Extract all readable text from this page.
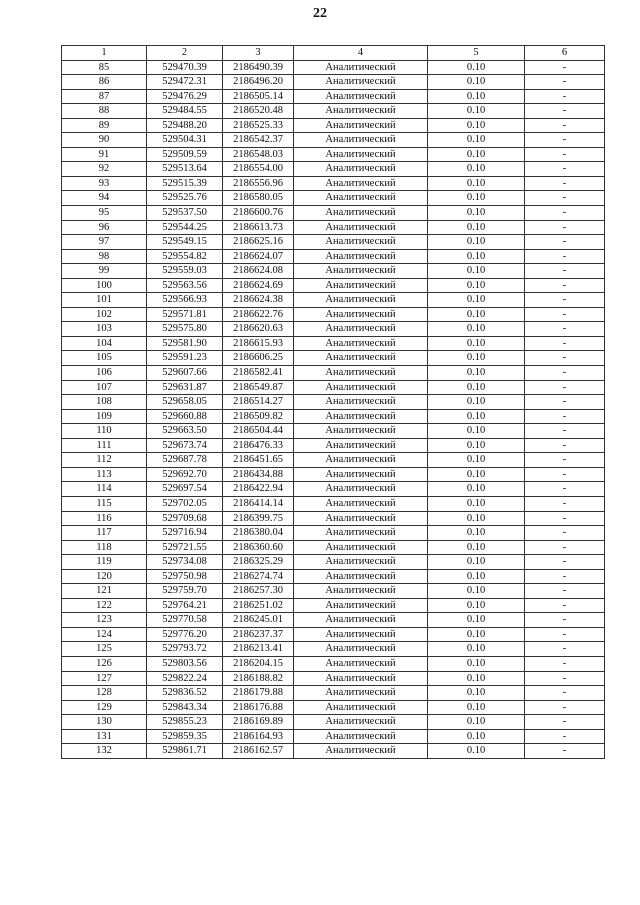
22
1	2	3	4	5	6
85	529470.39	2186490.39	Аналитический	0.10	-
86	529472.31	2186496.20	Аналитический	0.10	-
87	529476.29	2186505.14	Аналитический	0.10	-
88	529484.55	2186520.48	Аналитический	0.10	-
89	529488.20	2186525.33	Аналитический	0.10	-
90	529504.31	2186542.37	Аналитический	0.10	-
91	529509.59	2186548.03	Аналитический	0.10	-
92	529513.64	2186554.00	Аналитический	0.10	-
93	529515.39	2186556.96	Аналитический	0.10	-
94	529525.76	2186580.05	Аналитический	0.10	-
95	529537.50	2186600.76	Аналитический	0.10	-
96	529544.25	2186613.73	Аналитический	0.10	-
97	529549.15	2186625.16	Аналитический	0.10	-
98	529554.82	2186624.07	Аналитический	0.10	-
99	529559.03	2186624.08	Аналитический	0.10	-
100	529563.56	2186624.69	Аналитический	0.10	-
101	529566.93	2186624.38	Аналитический	0.10	-
102	529571.81	2186622.76	Аналитический	0.10	-
103	529575.80	2186620.63	Аналитический	0.10	-
104	529581.90	2186615.93	Аналитический	0.10	-
105	529591.23	2186606.25	Аналитический	0.10	-
106	529607.66	2186582.41	Аналитический	0.10	-
107	529631.87	2186549.87	Аналитический	0.10	-
108	529658.05	2186514.27	Аналитический	0.10	-
109	529660.88	2186509.82	Аналитический	0.10	-
110	529663.50	2186504.44	Аналитический	0.10	-
111	529673.74	2186476.33	Аналитический	0.10	-
112	529687.78	2186451.65	Аналитический	0.10	-
113	529692.70	2186434.88	Аналитический	0.10	-
114	529697.54	2186422.94	Аналитический	0.10	-
115	529702.05	2186414.14	Аналитический	0.10	-
116	529709.68	2186399.75	Аналитический	0.10	-
117	529716.94	2186380.04	Аналитический	0.10	-
118	529721.55	2186360.60	Аналитический	0.10	-
119	529734.08	2186325.29	Аналитический	0.10	-
120	529750.98	2186274.74	Аналитический	0.10	-
121	529759.70	2186257.30	Аналитический	0.10	-
122	529764.21	2186251.02	Аналитический	0.10	-
123	529770.58	2186245.01	Аналитический	0.10	-
124	529776.20	2186237.37	Аналитический	0.10	-
125	529793.72	2186213.41	Аналитический	0.10	-
126	529803.56	2186204.15	Аналитический	0.10	-
127	529822.24	2186188.82	Аналитический	0.10	-
128	529836.52	2186179.88	Аналитический	0.10	-
129	529843.34	2186176.88	Аналитический	0.10	-
130	529855.23	2186169.89	Аналитический	0.10	-
131	529859.35	2186164.93	Аналитический	0.10	-
132	529861.71	2186162.57	Аналитический	0.10	-
